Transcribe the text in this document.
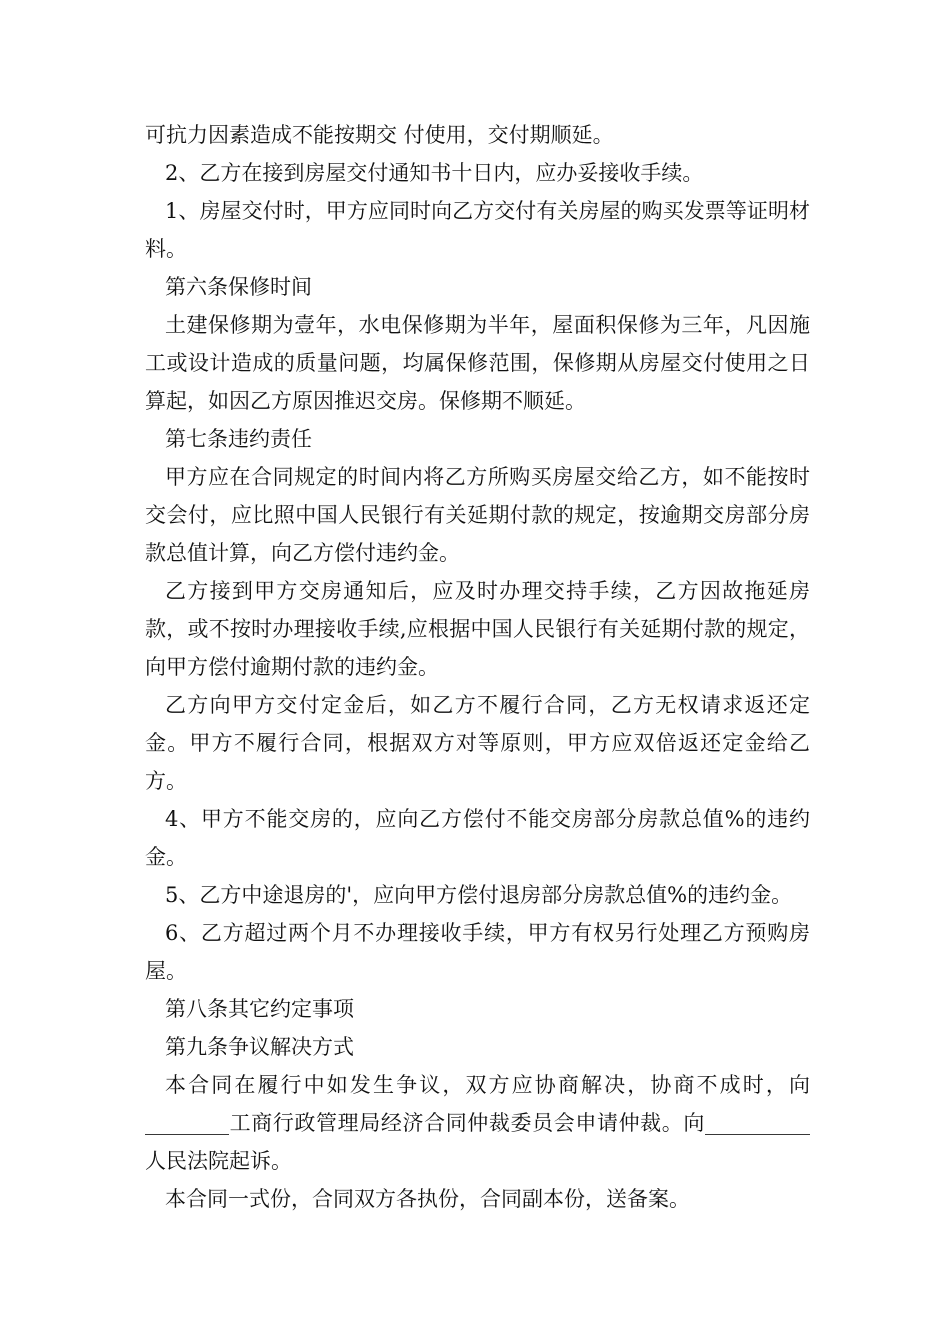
可抗力因素造成不能按期交 付使用，交付期顺延。

2、乙方在接到房屋交付通知书十日内，应办妥接收手续。

1、房屋交付时，甲方应同时向乙方交付有关房屋的购买发票等证明材料。

第六条保修时间

土建保修期为壹年，水电保修期为半年，屋面积保修为三年，凡因施工或设计造成的质量问题，均属保修范围，保修期从房屋交付使用之日算起，如因乙方原因推迟交房。保修期不顺延。

第七条违约责任

甲方应在合同规定的时间内将乙方所购买房屋交给乙方，如不能按时交会付，应比照中国人民银行有关延期付款的规定，按逾期交房部分房款总值计算，向乙方偿付违约金。

乙方接到甲方交房通知后，应及时办理交持手续，乙方因故拖延房款，或不按时办理接收手续,应根据中国人民银行有关延期付款的规定，向甲方偿付逾期付款的违约金。

乙方向甲方交付定金后，如乙方不履行合同，乙方无权请求返还定金。甲方不履行合同，根据双方对等原则，甲方应双倍返还定金给乙方。

4、甲方不能交房的，应向乙方偿付不能交房部分房款总值%的违约金。

5、乙方中途退房的'，应向甲方偿付退房部分房款总值%的违约金。

6、乙方超过两个月不办理接收手续，甲方有权另行处理乙方预购房屋。

第八条其它约定事项

第九条争议解决方式

本合同在履行中如发生争议，双方应协商解决，协商不成时，向________工商行政管理局经济合同仲裁委员会申请仲裁。向__________人民法院起诉。

本合同一式份，合同双方各执份，合同副本份，送备案。
